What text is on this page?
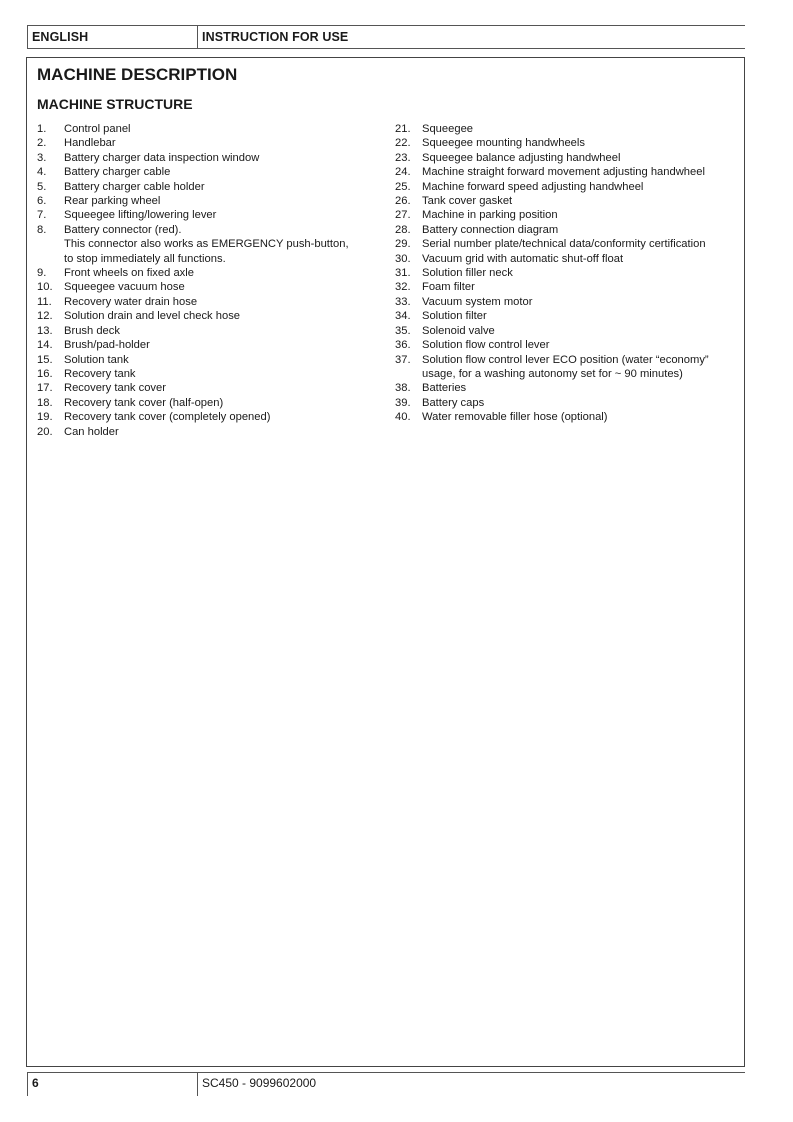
ENGLISH	INSTRUCTION FOR USE
MACHINE DESCRIPTION
MACHINE STRUCTURE
1.	Control panel
2.	Handlebar
3.	Battery charger data inspection window
4.	Battery charger cable
5.	Battery charger cable holder
6.	Rear parking wheel
7.	Squeegee lifting/lowering lever
8.	Battery connector (red).
This connector also works as EMERGENCY push-button,
to stop immediately all functions.
9.	Front wheels on fixed axle
10.	Squeegee vacuum hose
11.	Recovery water drain hose
12.	Solution drain and level check hose
13.	Brush deck
14.	Brush/pad-holder
15.	Solution tank
16.	Recovery tank
17.	Recovery tank cover
18.	Recovery tank cover (half-open)
19.	Recovery tank cover (completely opened)
20.	Can holder
21.	Squeegee
22.	Squeegee mounting handwheels
23.	Squeegee balance adjusting handwheel
24.	Machine straight forward movement adjusting handwheel
25.	Machine forward speed adjusting handwheel
26.	Tank cover gasket
27.	Machine in parking position
28.	Battery connection diagram
29.	Serial number plate/technical data/conformity certification
30.	Vacuum grid with automatic shut-off float
31.	Solution filler neck
32.	Foam filter
33.	Vacuum system motor
34.	Solution filter
35.	Solenoid valve
36.	Solution flow control lever
37.	Solution flow control lever ECO position (water “economy”
usage, for a washing autonomy set for ~ 90 minutes)
38.	Batteries
39.	Battery caps
40.	Water removable filler hose (optional)
6	SC450 - 9099602000
